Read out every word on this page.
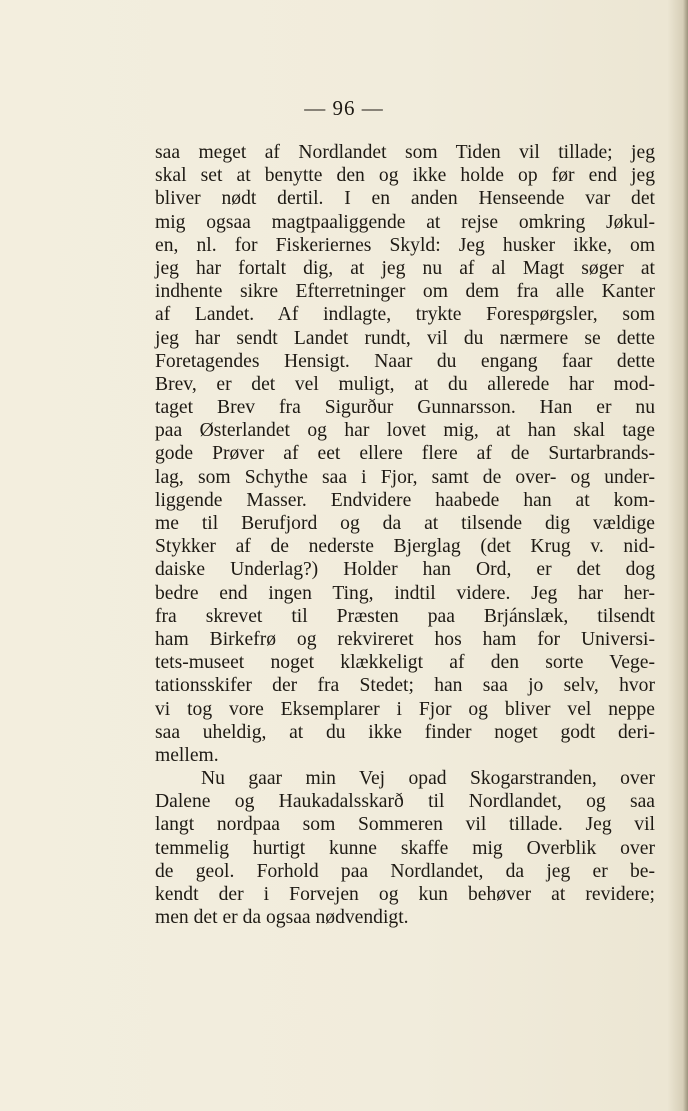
— 96 —

saa meget af Nordlandet som Tiden vil tillade; jeg
skal set at benytte den og ikke holde op før end jeg
bliver nødt dertil. I en anden Henseende var det
mig ogsaa magtpaaliggende at rejse omkring Jøkul-
en, nl. for Fiskeriernes Skyld: Jeg husker ikke, om
jeg har fortalt dig, at jeg nu af al Magt søger at
indhente sikre Efterretninger om dem fra alle Kanter
af Landet. Af indlagte, trykte Forespørgsler, som
jeg har sendt Landet rundt, vil du nærmere se dette
Foretagendes Hensigt. Naar du engang faar dette
Brev, er det vel muligt, at du allerede har mod-
taget Brev fra Sigurður Gunnarsson. Han er nu
paa Østerlandet og har lovet mig, at han skal tage
gode Prøver af eet ellere flere af de Surtarbrands-
lag, som Schythe saa i Fjor, samt de over- og under-
liggende Masser. Endvidere haabede han at kom-
me til Berufjord og da at tilsende dig vældige
Stykker af de nederste Bjerglag (det Krug v. nid-
daiske Underlag?) Holder han Ord, er det dog
bedre end ingen Ting, indtil videre. Jeg har her-
fra skrevet til Præsten paa Brjánslæk, tilsendt
ham Birkefrø og rekvireret hos ham for Universi-
tets-museet noget klækkeligt af den sorte Vege-
tationsskifer der fra Stedet; han saa jo selv, hvor
vi tog vore Eksemplarer i Fjor og bliver vel neppe
saa uheldig, at du ikke finder noget godt deri-
mellem.
Nu gaar min Vej opad Skogarstranden, over
Dalene og Haukadalsskarð til Nordlandet, og saa
langt nordpaa som Sommeren vil tillade. Jeg vil
temmelig hurtigt kunne skaffe mig Overblik over
de geol. Forhold paa Nordlandet, da jeg er be-
kendt der i Forvejen og kun behøver at revidere;
men det er da ogsaa nødvendigt.
